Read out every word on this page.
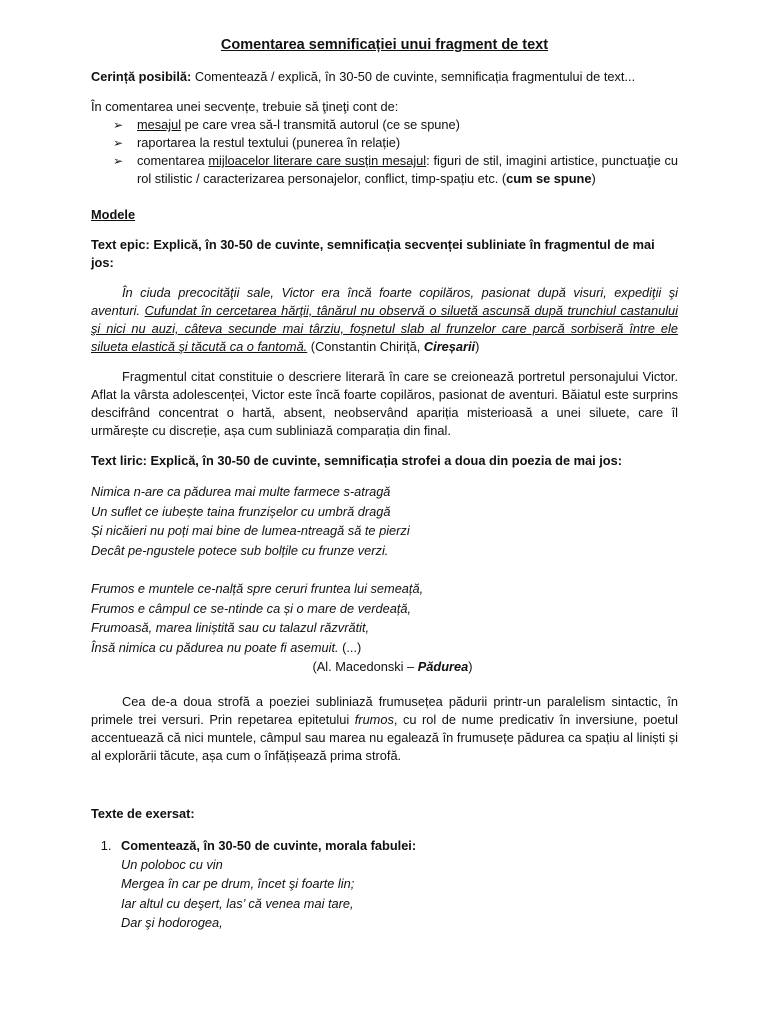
Comentarea semnificației unui fragment de text

Cerință posibilă: Comentează / explică, în 30-50 de cuvinte, semnificația fragmentului de text...

În comentarea unei secvențe, trebuie să ţineţi cont de:

➢ mesajul pe care vrea să-l transmită autorul (ce se spune)
➢ raportarea la restul textului (punerea în relație)
➢ comentarea mijloacelor literare care susțin mesajul: figuri de stil, imagini artistice, punctuaţie cu rol stilistic / caracterizarea personajelor, conflict, timp-spațiu etc. (cum se spune)

Modele

Text epic: Explică, în 30-50 de cuvinte, semnificația secvenței subliniate în fragmentul de mai jos:

În ciuda precocităţii sale, Victor era încă foarte copilăros, pasionat după visuri, expediţii şi aventuri. Cufundat în cercetarea hărţii, tânărul nu observă o siluetă ascunsă după trunchiul castanului şi nici nu auzi, câteva secunde mai târziu, foşnetul slab al frunzelor care parcă sorbiseră între ele silueta elastică şi tăcută ca o fantomă. (Constantin Chiriță, Cireșarii)

Fragmentul citat constituie o descriere literară în care se creionează portretul personajului Victor. Aflat la vârsta adolescenței, Victor este încă foarte copilăros, pasionat de aventuri. Băiatul este surprins descifrând concentrat o hartă, absent, neobservând apariția misterioasă a unei siluete, care îl urmărește cu discreție, așa cum subliniază comparația din final.

Text liric: Explică, în 30-50 de cuvinte, semnificația strofei a doua din poezia de mai jos:

Nimica n-are ca pădurea mai multe farmece s-atragă

Un suflet ce iubește taina frunzișelor cu umbră dragă

Și nicăieri nu poți mai bine de lumea-ntreagă să te pierzi

Decât pe-ngustele potece sub bolțile cu frunze verzi.

Frumos e muntele ce-nalță spre ceruri fruntea lui semeață,

Frumos e câmpul ce se-ntinde ca și o mare de verdeață,

Frumoasă, marea liniștită sau cu talazul răzvrătit,

Însă nimica cu pădurea nu poate fi asemuit. (...)

(Al. Macedonski – Pădurea)

Cea de-a doua strofă a poeziei subliniază frumusețea pădurii printr-un paralelism sintactic, în primele trei versuri. Prin repetarea epitetului frumos, cu rol de nume predicativ în inversiune, poetul accentuează că nici muntele, câmpul sau marea nu egalează în frumusețe pădurea ca spațiu al liniști și al explorării tăcute, așa cum o înfățișează prima strofă.

Texte de exersat:

1. Comentează, în 30-50 de cuvinte, morala fabulei:

Un poloboc cu vin

Mergea în car pe drum, încet şi foarte lin;

Iar altul cu deşert, las’ că venea mai tare,

Dar şi hodorogea,
